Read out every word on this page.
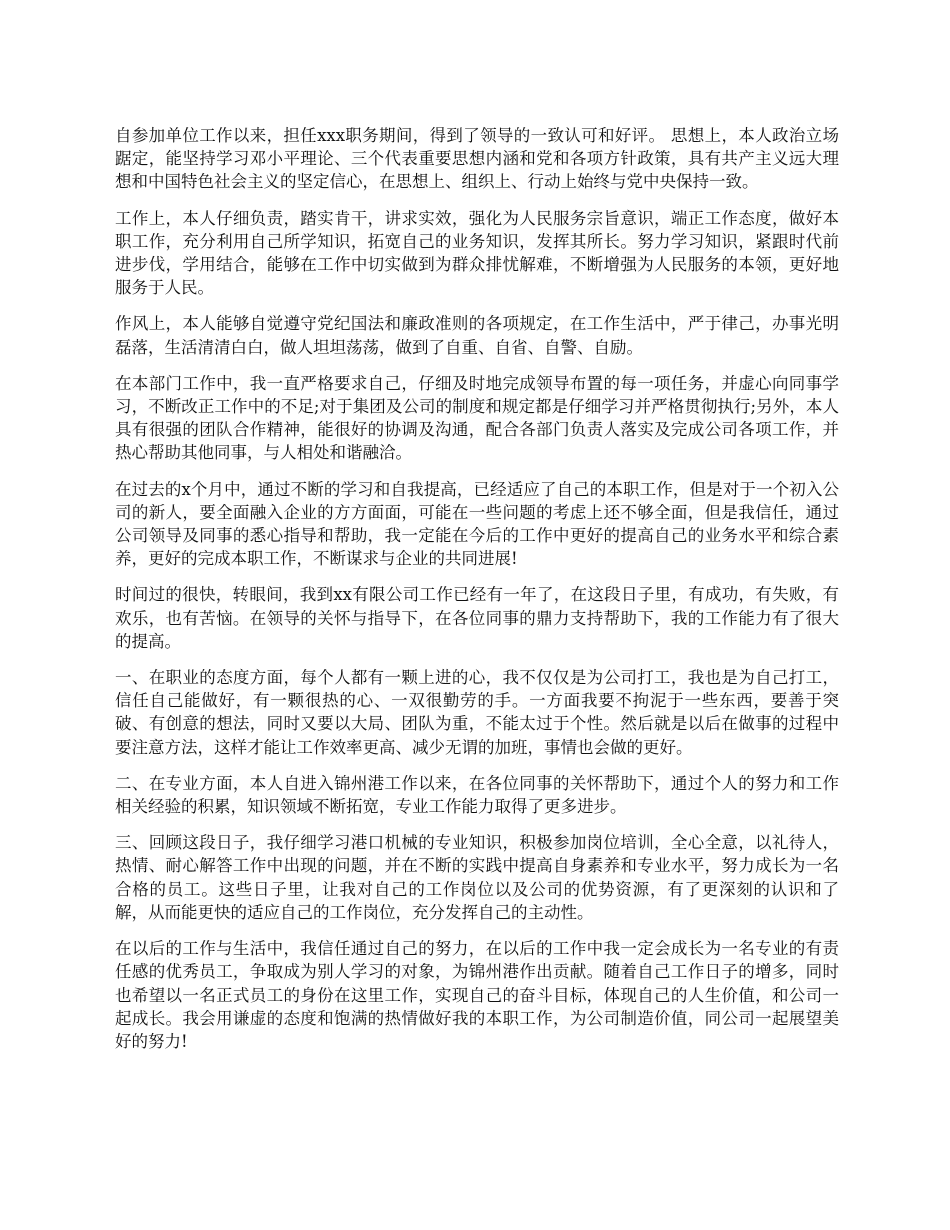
自参加单位工作以来，担任xxx职务期间，得到了领导的一致认可和好评。 思想上，本人政治立场踞定，能坚持学习邓小平理论、三个代表重要思想内涵和党和各项方针政策，具有共产主义远大理想和中国特色社会主义的坚定信心，在思想上、组织上、行动上始终与党中央保持一致。

工作上，本人仔细负责，踏实肯干，讲求实效，强化为人民服务宗旨意识，端正工作态度，做好本职工作，充分利用自己所学知识，拓宽自己的业务知识，发挥其所长。努力学习知识，紧跟时代前进步伐，学用结合，能够在工作中切实做到为群众排忧解难，不断增强为人民服务的本领，更好地服务于人民。

作风上，本人能够自觉遵守党纪国法和廉政准则的各项规定，在工作生活中，严于律己，办事光明磊落，生活清清白白，做人坦坦荡荡，做到了自重、自省、自警、自励。

在本部门工作中，我一直严格要求自己，仔细及时地完成领导布置的每一项任务，并虚心向同事学习，不断改正工作中的不足;对于集团及公司的制度和规定都是仔细学习并严格贯彻执行;另外，本人具有很强的团队合作精神，能很好的协调及沟通，配合各部门负责人落实及完成公司各项工作，并热心帮助其他同事，与人相处和谐融洽。

在过去的x个月中，通过不断的学习和自我提高，已经适应了自己的本职工作，但是对于一个初入公司的新人，要全面融入企业的方方面面，可能在一些问题的考虑上还不够全面，但是我信任，通过公司领导及同事的悉心指导和帮助，我一定能在今后的工作中更好的提高自己的业务水平和综合素养，更好的完成本职工作，不断谋求与企业的共同进展!

时间过的很快，转眼间，我到xx有限公司工作已经有一年了，在这段日子里，有成功，有失败，有欢乐，也有苦恼。在领导的关怀与指导下，在各位同事的鼎力支持帮助下，我的工作能力有了很大的提高。

一、在职业的态度方面，每个人都有一颗上进的心，我不仅仅是为公司打工，我也是为自己打工，信任自己能做好，有一颗很热的心、一双很勤劳的手。一方面我要不拘泥于一些东西，要善于突破、有创意的想法，同时又要以大局、团队为重，不能太过于个性。然后就是以后在做事的过程中要注意方法，这样才能让工作效率更高、减少无谓的加班，事情也会做的更好。

二、在专业方面，本人自进入锦州港工作以来，在各位同事的关怀帮助下，通过个人的努力和工作相关经验的积累，知识领域不断拓宽，专业工作能力取得了更多进步。

三、回顾这段日子，我仔细学习港口机械的专业知识，积极参加岗位培训，全心全意，以礼待人，热情、耐心解答工作中出现的问题，并在不断的实践中提高自身素养和专业水平，努力成长为一名合格的员工。这些日子里，让我对自己的工作岗位以及公司的优势资源，有了更深刻的认识和了解，从而能更快的适应自己的工作岗位，充分发挥自己的主动性。

在以后的工作与生活中，我信任通过自己的努力，在以后的工作中我一定会成长为一名专业的有责任感的优秀员工，争取成为别人学习的对象，为锦州港作出贡献。随着自己工作日子的增多，同时也希望以一名正式员工的身份在这里工作，实现自己的奋斗目标，体现自己的人生价值，和公司一起成长。我会用谦虚的态度和饱满的热情做好我的本职工作，为公司制造价值，同公司一起展望美好的努力!
